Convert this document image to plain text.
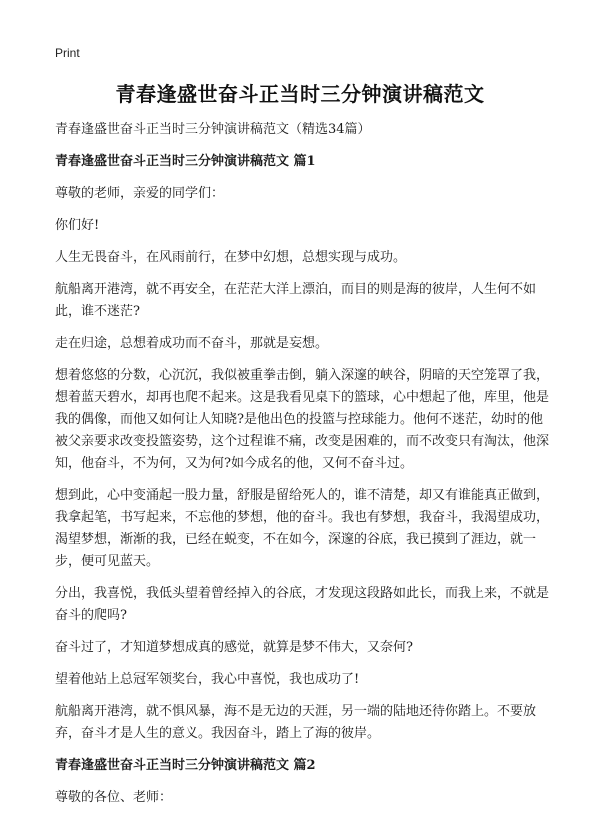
Print
青春逢盛世奋斗正当时三分钟演讲稿范文

青春逢盛世奋斗正当时三分钟演讲稿范文（精选34篇）

青春逢盛世奋斗正当时三分钟演讲稿范文 篇1

尊敬的老师，亲爱的同学们：

你们好!

人生无畏奋斗，在风雨前行，在梦中幻想，总想实现与成功。

航船离开港湾，就不再安全，在茫茫大洋上漂泊，而目的则是海的彼岸，人生何不如此，谁不迷茫?

走在归途，总想着成功而不奋斗，那就是妄想。

想着悠悠的分数，心沉沉，我似被重拳击倒，躺入深邃的峡谷，阴暗的天空笼罩了我，想着蓝天碧水，却再也爬不起来。这是我看见桌下的篮球，心中想起了他，库里，他是我的偶像，而他又如何让人知晓?是他出色的投篮与控球能力。他何不迷茫，幼时的他被父亲要求改变投篮姿势，这个过程谁不痛，改变是困难的，而不改变只有淘汰，他深知，他奋斗，不为何，又为何?如今成名的他，又何不奋斗过。

想到此，心中变涌起一股力量，舒服是留给死人的，谁不清楚，却又有谁能真正做到，我拿起笔，书写起来，不忘他的梦想，他的奋斗。我也有梦想，我奋斗，我渴望成功，渴望梦想，渐渐的我，已经在蜕变，不在如今，深邃的谷底，我已摸到了涯边，就一步，便可见蓝天。

分出，我喜悦，我低头望着曾经掉入的谷底，才发现这段路如此长，而我上来，不就是奋斗的爬吗?

奋斗过了，才知道梦想成真的感觉，就算是梦不伟大，又奈何?

望着他站上总冠军领奖台，我心中喜悦，我也成功了!

航船离开港湾，就不惧风暴，海不是无边的天涯，另一端的陆地还待你踏上。不要放弃，奋斗才是人生的意义。我因奋斗，踏上了海的彼岸。

青春逢盛世奋斗正当时三分钟演讲稿范文 篇2

尊敬的各位、老师：
